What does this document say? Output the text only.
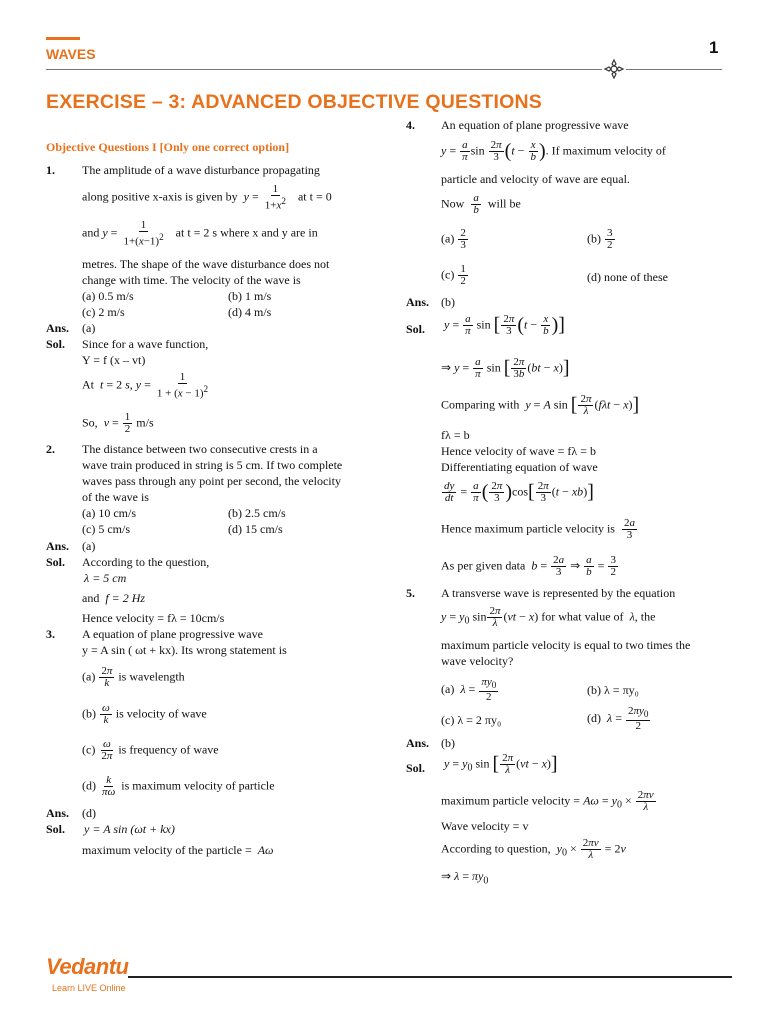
WAVES	1
EXERCISE – 3: ADVANCED OBJECTIVE QUESTIONS
Objective Questions I [Only one correct option]
1. The amplitude of a wave disturbance propagating
along positive x-axis is given by $y = \frac{1}{1+x^2}$ at t = 0
and $y = \frac{1}{1+(x-1)^2}$ at t = 2 s where x and y are in
metres. The shape of the wave disturbance does not
change with time. The velocity of the wave is
(a) 0.5 m/s	(b) 1 m/s
(c) 2 m/s	(d) 4 m/s
Ans. (a)
Sol. Since for a wave function,
Y = f (x – vt)
At t = 2 s, $y = \frac{1}{1 + (x - 1)^2}$
So, $v = \frac{1}{2} m/s$
2. The distance between two consecutive crests in a
wave train produced in string is 5 cm. If two complete
waves pass through any point per second, the velocity
of the wave is
(a) 10 cm/s	(b) 2.5 cm/s
(c) 5 cm/s	(d) 15 cm/s
Ans. (a)
Sol. According to the question,
λ = 5 cm
and f = 2 Hz
Hence velocity = fλ = 10cm/s
3. A equation of plane progressive wave
y = A sin ( ωt + kx). Its wrong statement is
$(a) \frac{2\pi}{k}$ is wavelength
$(b) \frac{\omega}{k}$ is velocity of wave
$(c) \frac{\omega}{2\pi}$ is frequency of wave
$(d) \frac{k}{\pi\omega}$ is maximum velocity of particle
Ans. (d)
Sol. y = A sin (ωt + kx)
maximum velocity of the particle = Aω
4. An equation of plane progressive wave
$y = \frac{a}{\pi}$ $\sin \frac{2\pi}{3} (t - \frac{x}{b}$ ). If maximum velocity of
particle and velocity of wave are equal.
Now $\frac{a}{b}$ will be
$(a) \frac{2}{3}$	$(b) \frac{3}{2}$
$(c) \frac{1}{2}$	(d) none of these
Ans. (b)
Sol. $y = \frac{a}{\pi}$ sin [ $\frac{2\pi}{3} (t - \frac{x}{b}$ )]
⇒ $y = \frac{a}{\pi}$ sin [ $\frac{2\pi}{3b} (bt - x)$]
Comparing with y = A sin [ $\frac{2\pi}{\lambda} (f\lambda t - x)$]
fλ = b
Hence velocity of wave = fλ = b
Differentiating equation of wave
$\frac{dy}{dt} = \frac{a}{\pi}$ ( $\frac{2\pi}{3} )\cos[ \frac{2\pi}{3} (t - xb)]$
Hence maximum particle velocity is $\frac{2a}{3}$
As per given data $b = \frac{2a}{3}$ ⇒ $\frac{a}{b} = \frac{3}{2}$
5. A transverse wave is represented by the equation
$y = y_0$ $\sin \frac{2\pi}{\lambda} (vt - x)$ for what value of λ, the
maximum particle velocity is equal to two times the
wave velocity?
(a) $\lambda = \frac{\pi y_0}{2}$	(b) λ = πy₀
(c) λ = 2 πy₀	(d) $\lambda = \frac{2\pi y_0}{2}$
Ans. (b)
Sol. $y = y_0$ sin [ $\frac{2\pi}{\lambda} (vt - x)$]
maximum particle velocity = $A\omega = y_0 \times \frac{2\pi v}{\lambda}$
Wave velocity = v
According to question, $y_0 \times \frac{2\pi v}{\lambda} = 2v$
⇒ $\lambda = \pi y_0$
Vedantu
Learn LIVE Online
